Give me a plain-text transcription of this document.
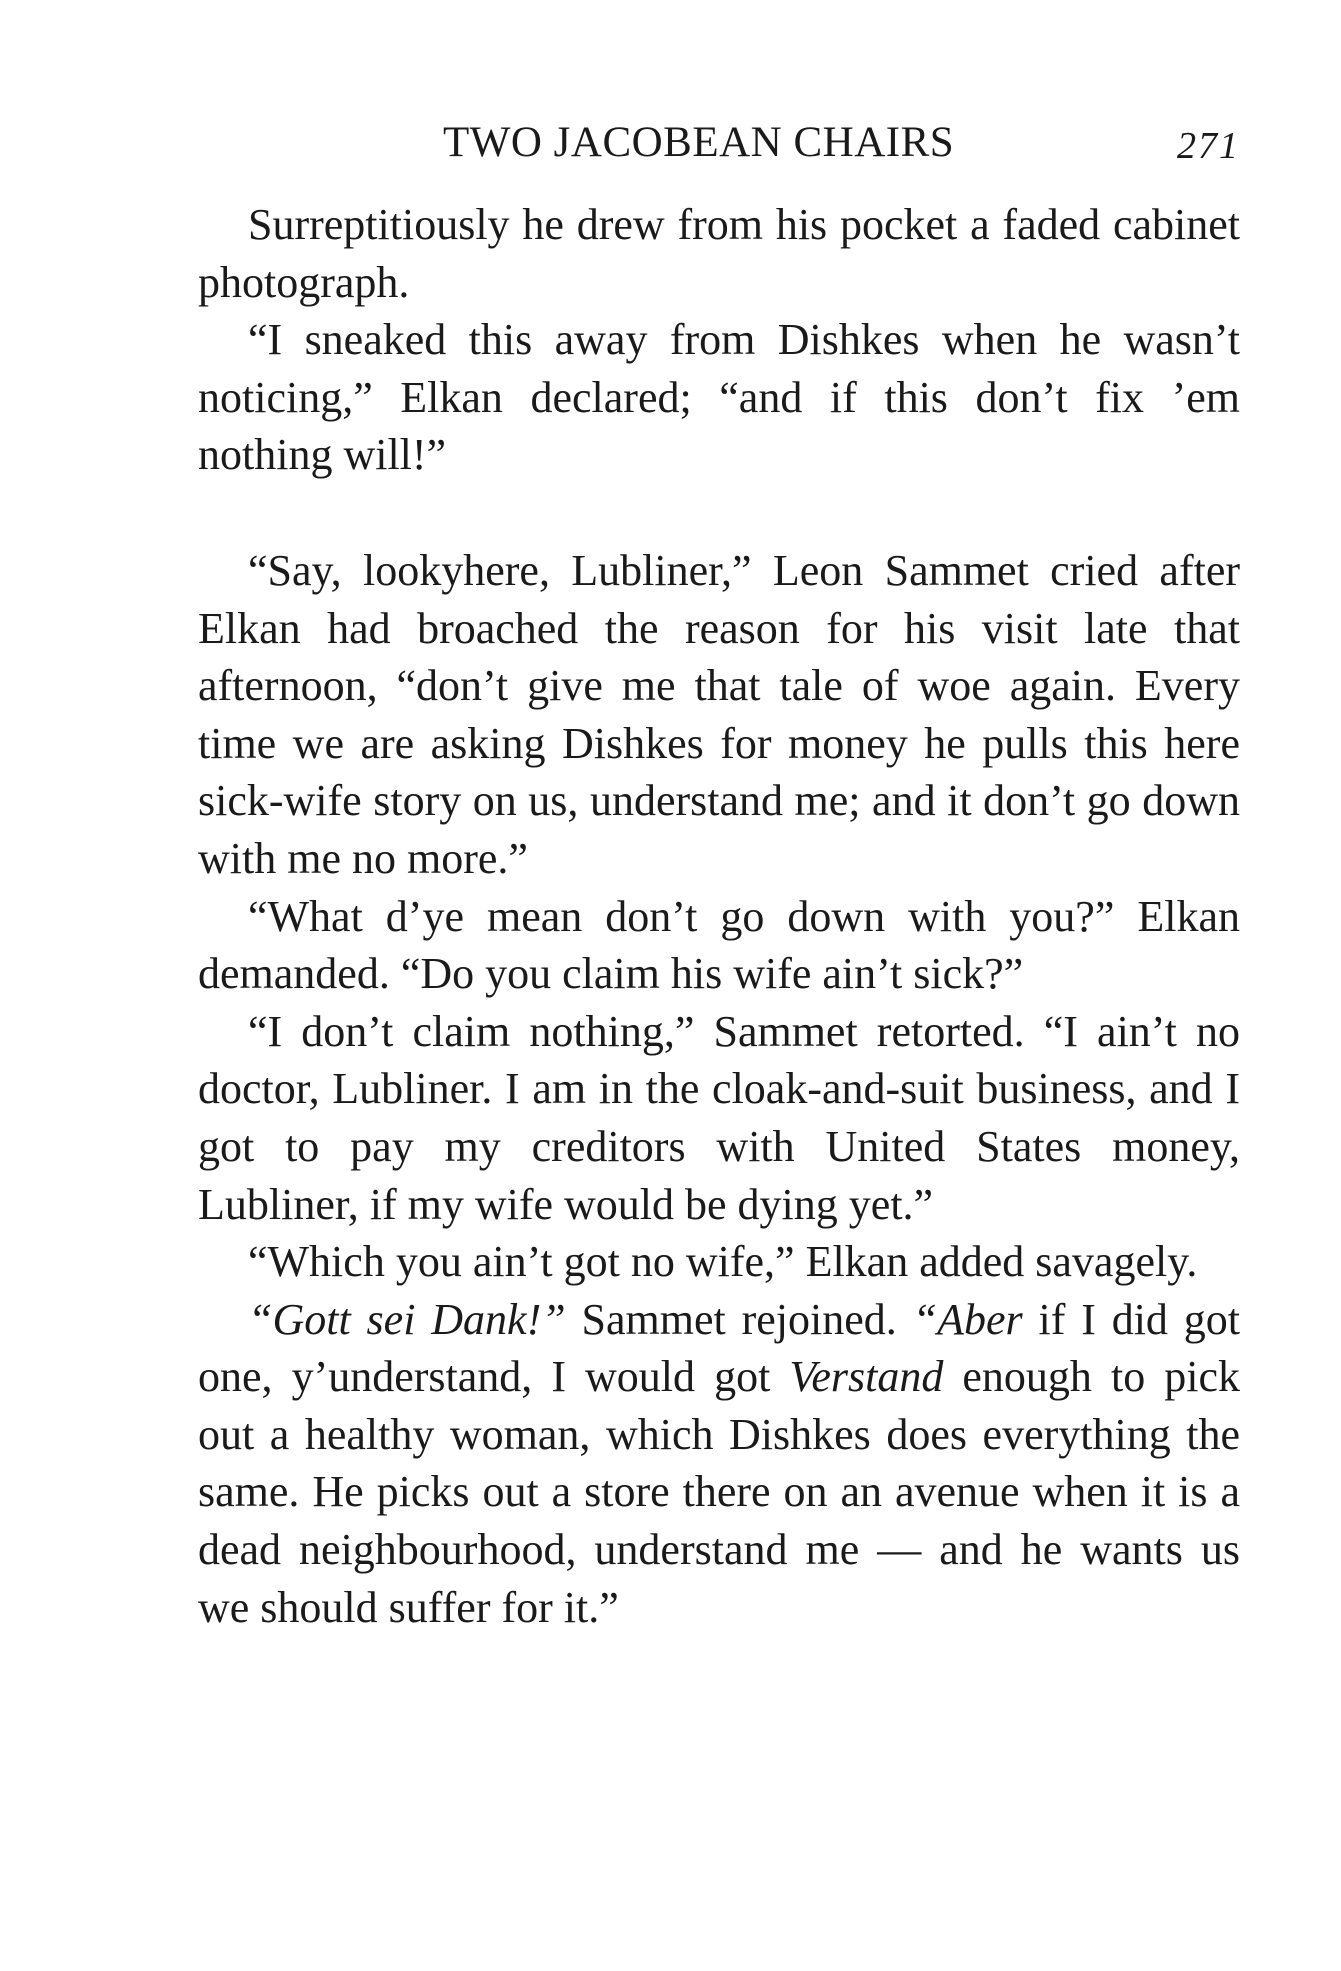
TWO JACOBEAN CHAIRS	271

Surreptitiously he drew from his pocket a faded cabinet photograph.

“I sneaked this away from Dishkes when he wasn’t noticing,” Elkan declared; “and if this don’t fix ’em nothing will!”

“Say, lookyhere, Lubliner,” Leon Sammet cried after Elkan had broached the reason for his visit late that afternoon, “don’t give me that tale of woe again. Every time we are asking Dishkes for money he pulls this here sick-wife story on us, understand me; and it don’t go down with me no more.”

“What d’ye mean don’t go down with you?” Elkan demanded. “Do you claim his wife ain’t sick?”

“I don’t claim nothing,” Sammet retorted. “I ain’t no doctor, Lubliner. I am in the cloak-and-suit business, and I got to pay my creditors with United States money, Lubliner, if my wife would be dying yet.”

“Which you ain’t got no wife,” Elkan added savagely.

“Gott sei Dank!” Sammet rejoined. “Aber if I did got one, y’understand, I would got Verstand enough to pick out a healthy woman, which Dishkes does everything the same. He picks out a store there on an avenue when it is a dead neighbourhood, understand me — and he wants us we should suffer for it.”
